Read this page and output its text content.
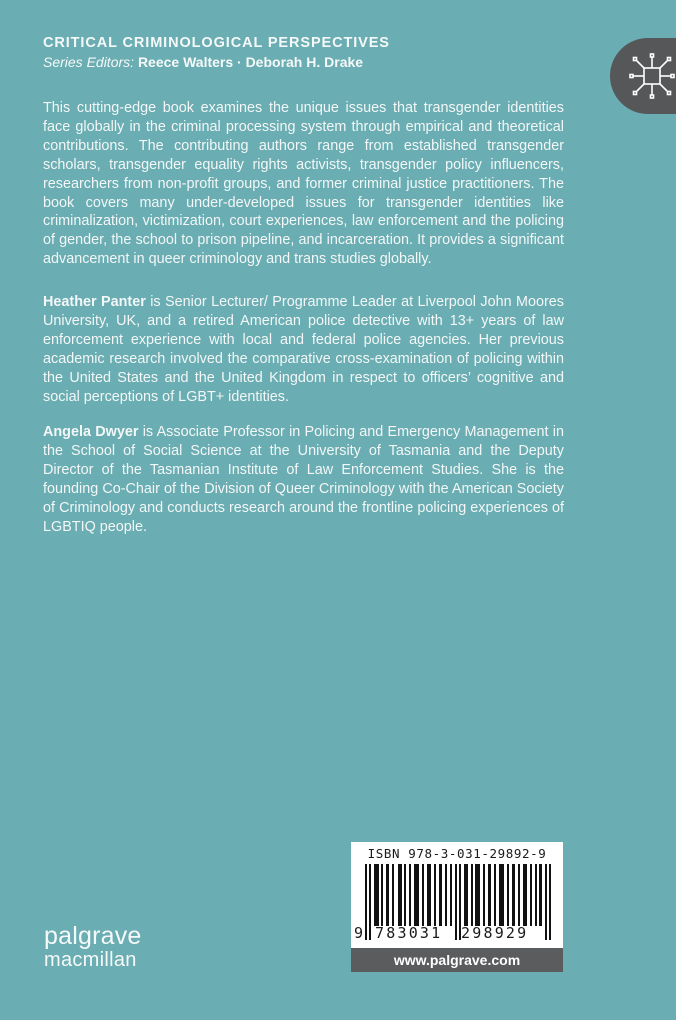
CRITICAL CRIMINOLOGICAL PERSPECTIVES
Series Editors: Reece Walters · Deborah H. Drake

This cutting-edge book examines the unique issues that transgender identities face globally in the criminal processing system through empirical and theoretical contributions. The contributing authors range from established transgender scholars, transgender equality rights activists, transgender policy influencers, researchers from non-profit groups, and former criminal justice practitioners. The book covers many under-developed issues for transgender identities like criminalization, victimization, court experiences, law enforcement and the policing of gender, the school to prison pipeline, and incarceration. It provides a significant advancement in queer criminology and trans studies globally.

Heather Panter is Senior Lecturer/ Programme Leader at Liverpool John Moores University, UK, and a retired American police detective with 13+ years of law enforcement experience with local and federal police agencies. Her previous academic research involved the comparative cross-examination of policing within the United States and the United Kingdom in respect to officers’ cognitive and social perceptions of LGBT+ identities.

Angela Dwyer is Associate Professor in Policing and Emergency Management in the School of Social Science at the University of Tasmania and the Deputy Director of the Tasmanian Institute of Law Enforcement Studies. She is the founding Co-Chair of the Division of Queer Criminology with the American Society of Criminology and conducts research around the frontline policing experiences of LGBTIQ people.

ISBN 978-3-031-29892-9
9 783031 298929
www.palgrave.com
palgrave
macmillan
